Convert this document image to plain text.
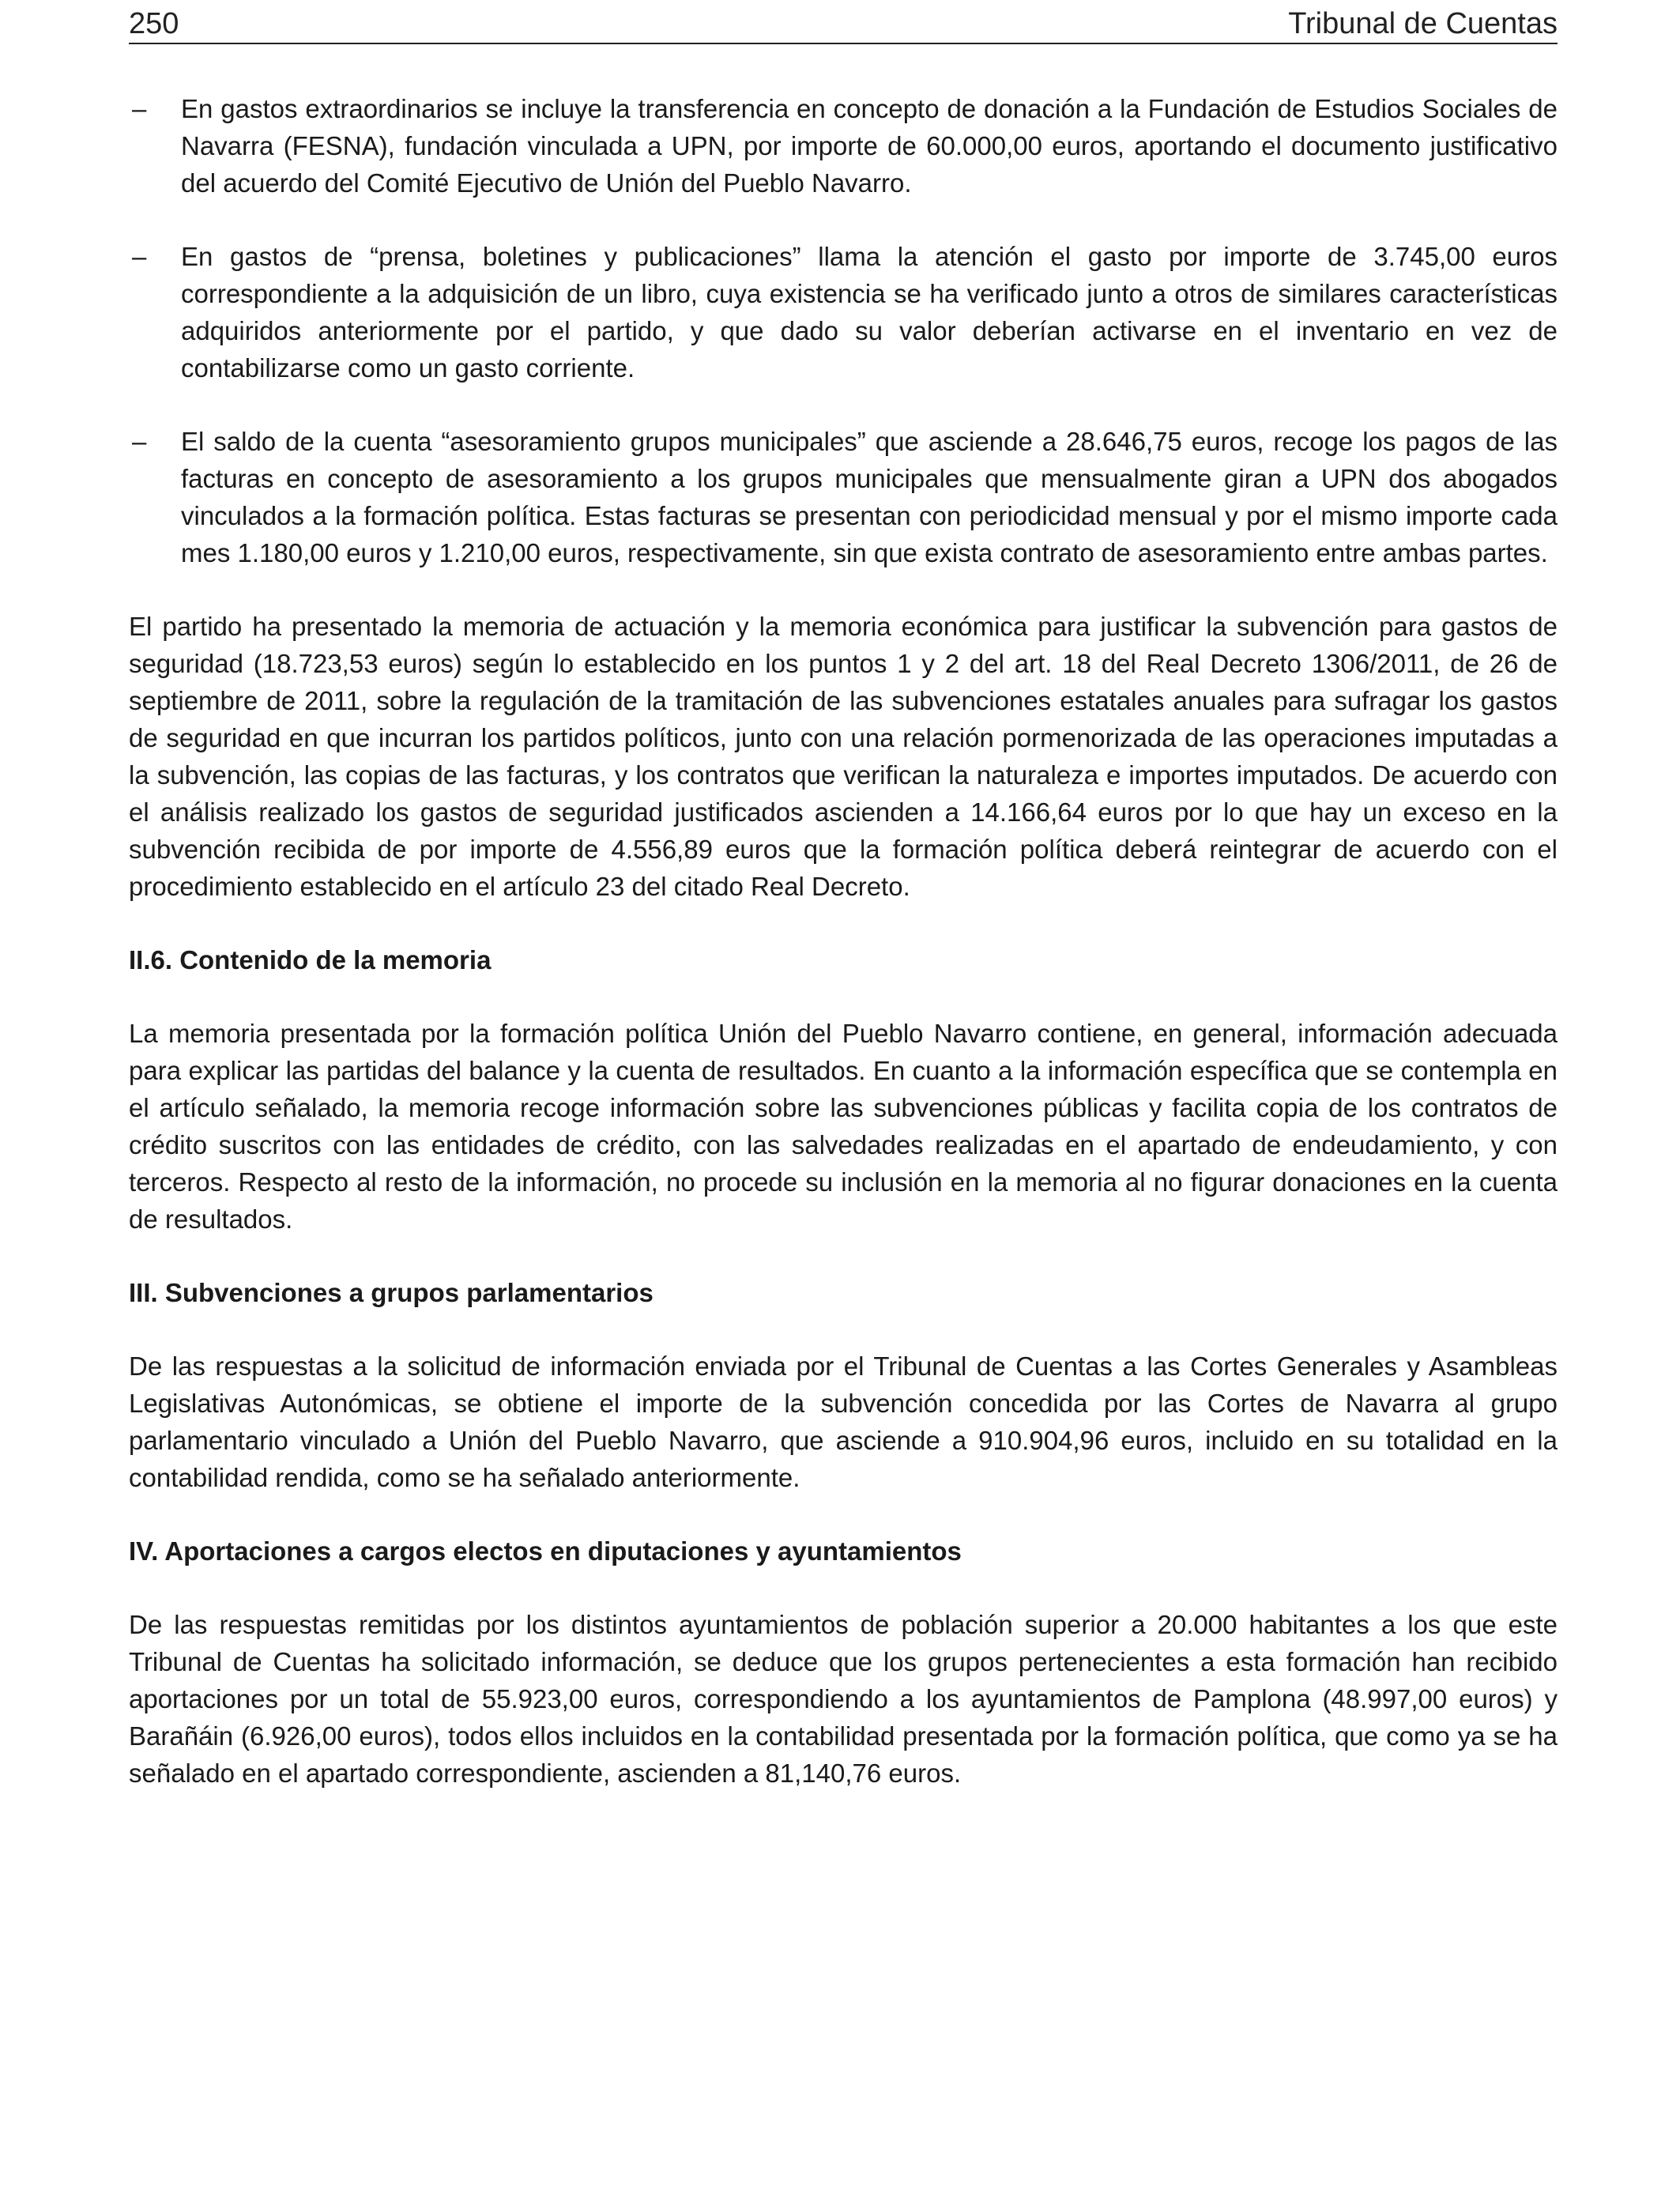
250	Tribunal de Cuentas
– En gastos extraordinarios se incluye la transferencia en concepto de donación a la Fundación de Estudios Sociales de Navarra (FESNA), fundación vinculada a UPN, por importe de 60.000,00 euros, aportando el documento justificativo del acuerdo del Comité Ejecutivo de Unión del Pueblo Navarro.
– En gastos de “prensa, boletines y publicaciones” llama la atención el gasto por importe de 3.745,00 euros correspondiente a la adquisición de un libro, cuya existencia se ha verificado junto a otros de similares características adquiridos anteriormente por el partido, y que dado su valor deberían activarse en el inventario en vez de contabilizarse como un gasto corriente.
– El saldo de la cuenta “asesoramiento grupos municipales” que asciende a 28.646,75 euros, recoge los pagos de las facturas en concepto de asesoramiento a los grupos municipales que mensualmente giran a UPN dos abogados vinculados a la formación política. Estas facturas se presentan con periodicidad mensual y por el mismo importe cada mes 1.180,00 euros y 1.210,00 euros, respectivamente, sin que exista contrato de asesoramiento entre ambas partes.

El partido ha presentado la memoria de actuación y la memoria económica para justificar la subvención para gastos de seguridad (18.723,53 euros) según lo establecido en los puntos 1 y 2 del art. 18 del Real Decreto 1306/2011, de 26 de septiembre de 2011, sobre la regulación de la tramitación de las subvenciones estatales anuales para sufragar los gastos de seguridad en que incurran los partidos políticos, junto con una relación pormenorizada de las operaciones imputadas a la subvención, las copias de las facturas, y los contratos que verifican la naturaleza e importes imputados. De acuerdo con el análisis realizado los gastos de seguridad justificados ascienden a 14.166,64 euros por lo que hay un exceso en la subvención recibida de por importe de 4.556,89 euros que la formación política deberá reintegrar de acuerdo con el procedimiento establecido en el artículo 23 del citado Real Decreto.

II.6. Contenido de la memoria

La memoria presentada por la formación política Unión del Pueblo Navarro contiene, en general, información adecuada para explicar las partidas del balance y la cuenta de resultados. En cuanto a la información específica que se contempla en el artículo señalado, la memoria recoge información sobre las subvenciones públicas y facilita copia de los contratos de crédito suscritos con las entidades de crédito, con las salvedades realizadas en el apartado de endeudamiento, y con terceros. Respecto al resto de la información, no procede su inclusión en la memoria al no figurar donaciones en la cuenta de resultados.

III. Subvenciones a grupos parlamentarios

De las respuestas a la solicitud de información enviada por el Tribunal de Cuentas a las Cortes Generales y Asambleas Legislativas Autonómicas, se obtiene el importe de la subvención concedida por las Cortes de Navarra al grupo parlamentario vinculado a Unión del Pueblo Navarro, que asciende a 910.904,96 euros, incluido en su totalidad en la contabilidad rendida, como se ha señalado anteriormente.

IV. Aportaciones a cargos electos en diputaciones y ayuntamientos

De las respuestas remitidas por los distintos ayuntamientos de población superior a 20.000 habitantes a los que este Tribunal de Cuentas ha solicitado información, se deduce que los grupos pertenecientes a esta formación han recibido aportaciones por un total de 55.923,00 euros, correspondiendo a los ayuntamientos de Pamplona (48.997,00 euros) y Barañáin (6.926,00 euros), todos ellos incluidos en la contabilidad presentada por la formación política, que como ya se ha señalado en el apartado correspondiente, ascienden a 81,140,76 euros.
